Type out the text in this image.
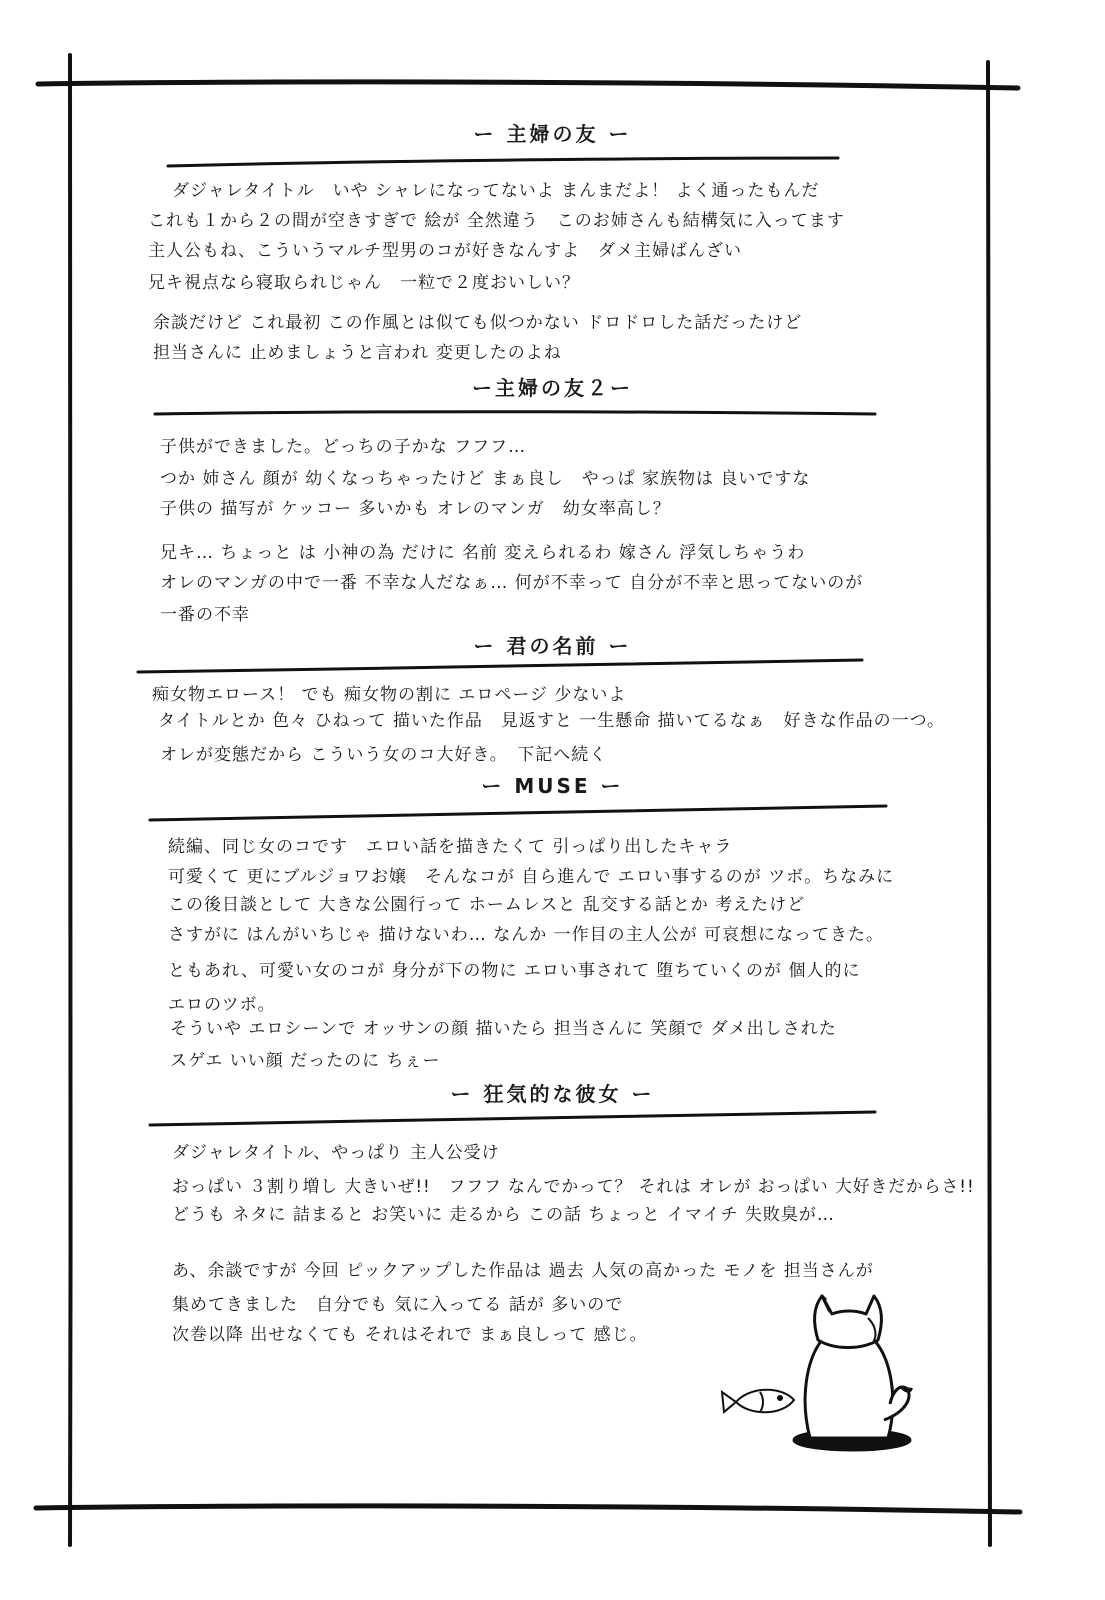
ー 主婦の友 ー
ダジャレタイトル　いや シャレになってないよ まんまだよ！ よく通ったもんだ
これも１から２の間が空きすぎで 絵が 全然違う　このお姉さんも結構気に入ってます
主人公もね、こういうマルチ型男のコが好きなんすよ　ダメ主婦ばんざい
兄キ視点なら寝取られじゃん　一粒で２度おいしい？
余談だけど これ最初 この作風とは似ても似つかない ドロドロした話だったけど
担当さんに 止めましょうと言われ 変更したのよね
ー主婦の友２ー
子供ができました。どっちの子かな フフフ…
つか 姉さん 顔が 幼くなっちゃったけど まぁ良し　やっぱ 家族物は 良いですな
子供の 描写が ケッコー 多いかも オレのマンガ　幼女率高し？
兄キ… ちょっと は 小神の為 だけに 名前 変えられるわ 嫁さん 浮気しちゃうわ
オレのマンガの中で一番 不幸な人だなぁ… 何が不幸って 自分が不幸と思ってないのが
一番の不幸
ー 君の名前 ー
痴女物エロース！ でも 痴女物の割に エロページ 少ないよ
タイトルとか 色々 ひねって 描いた作品　見返すと 一生懸命 描いてるなぁ　好きな作品の一つ。
オレが変態だから こういう女のコ大好き。　下記へ続く
ー MUSE ー
続編、同じ女のコです　エロい話を描きたくて 引っぱり出したキャラ
可愛くて 更にブルジョワお嬢　そんなコが 自ら進んで エロい事するのが ツボ。ちなみに
この後日談として 大きな公園行って ホームレスと 乱交する話とか 考えたけど
さすがに はんがいちじゃ 描けないわ… なんか 一作目の主人公が 可哀想になってきた。
ともあれ、可愛い女のコが 身分が下の物に エロい事されて 堕ちていくのが 個人的に
エロのツボ。
そういや エロシーンで オッサンの顔 描いたら 担当さんに 笑顔で ダメ出しされた
スゲエ いい顔 だったのに ちぇー
ー 狂気的な彼女 ー
ダジャレタイトル、やっぱり 主人公受け
おっぱい ３割り増し 大きいぜ!!　フフフ なんでかって？ それは オレが おっぱい 大好きだからさ!!
どうも ネタに 詰まると お笑いに 走るから この話 ちょっと イマイチ 失敗臭が…
あ、余談ですが 今回 ピックアップした作品は 過去 人気の高かった モノを 担当さんが
集めてきました　自分でも 気に入ってる 話が 多いので
次巻以降 出せなくても それはそれで まぁ良しって 感じ。
